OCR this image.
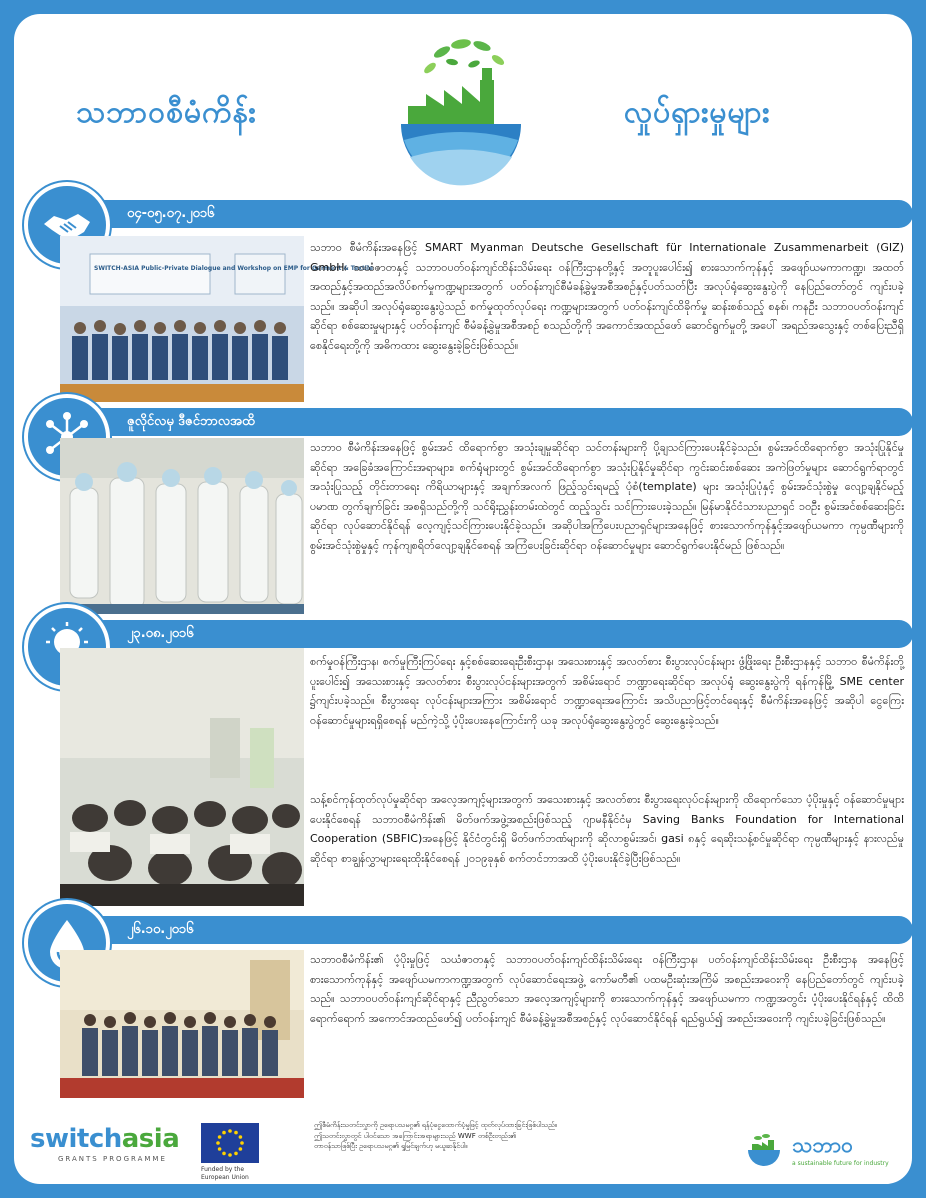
သဘာဝစီမံကိန်း	လှုပ်ရှားမှုများ
၀၄-၀၅.၀၇.၂၀၁၆
SWITCH-ASIA Public-Private Dialogue and Workshop on EMP for Garment & Textile

သဘာဝ စီမံကိန်းအနေဖြင့် SMART Myanmar၊ Deutsche Gesellschaft für Internationale Zusammenarbeit (GIZ) GmbH၊ သယံဇာတနှင့် သဘာဝပတ်ဝန်းကျင်ထိန်းသိမ်းရေး ဝန်ကြီးဌာနတို့နှင့် အတူပူးပေါင်း၍ စားသောက်ကုန်နှင့် အဖျော်ယမကာကဏ္ဍ၊ အထတ်အထည်နှင့်အထည်အလိပ်စက်မှုကဏ္ဍများအတွက် ပတ်ဝန်းကျင်စီမံခန့်ခွဲမှုအစီအစဉ်နှင့်ပတ်သတ်ပြီး အလုပ်ရုံဆွေးနွေးပွဲကို နေပြည်တော်တွင် ကျင်းပခဲ့သည်။ အဆိုပါ အလုပ်ရုံဆွေးနွေးပွဲသည် စက်မှုထုတ်လုပ်ရေး ကဏ္ဍများအတွက် ပတ်ဝန်းကျင်ထိခိုက်မှု ဆန်းစစ်သည့် စနစ်၊ ကနဦး သဘာဝပတ်ဝန်းကျင်ဆိုင်ရာ စစ်ဆေးမှုများနှင့် ပတ်ဝန်းကျင် စီမံခန့်ခွဲမှုအစီအစဉ် စသည်တို့ကို အကောင်အထည်ဖော် ဆောင်ရွက်မှုတို့ အပေါ် အရည်အသွေးနှင့် တစ်ပြေးညီရှိစေနိုင်ရေးတို့ကို အဓိကထား ဆွေးနွေးခဲ့ခြင်းဖြစ်သည်။

ဇူလိုင်လမှ ဒီဇင်ဘာလအထိ

သဘာဝ စီမံကိန်းအနေဖြင့် စွမ်းအင် ထိရောက်စွာ အသုံးချမှုဆိုင်ရာ သင်တန်းများကို ပို့ချသင်ကြားပေးနိုင်ခဲ့သည်။ စွမ်းအင်ထိရောက်စွာ အသုံးပြုနိုင်မှုဆိုင်ရာ အခြေခံအကြောင်းအရာများ၊ စက်ရုံများတွင် စွမ်းအင်ထိရောက်စွာ အသုံးပြုနိုင်မှုဆိုင်ရာ ကွင်းဆင်းစစ်ဆေး အကဲဖြတ်မှုများ ဆောင်ရွက်ရာတွင် အသုံးပြုသည့် တိုင်းတာရေး ကိရိယာများနှင့် အချက်အလက် ဖြည့်သွင်းရမည့် ပုံစံ(template) များ အသုံးပြုပုံနှင့် စွမ်းအင်သုံးစွဲမှု လျော့ချနိုင်မည့်ပမာဏ တွက်ချက်ခြင်း အစရှိသည်တို့ကို သင်ရိုးညွှန်းတမ်းထဲတွင် ထည့်သွင်း သင်ကြားပေးခဲ့သည်။ မြန်မာနိုင်ငံသားပညာရှင် ၁၀ဦး စွမ်းအင်စစ်ဆေးခြင်းဆိုင်ရာ လုပ်ဆောင်နိုင်ရန် လေ့ကျင့်သင်ကြားပေးနိုင်ခဲ့သည်။ အဆိုပါအကြံပေးပညာရှင်များအနေဖြင့် စားသောက်ကုန်နှင့်အဖျော်ယမကာ ကုမ္ပဏီများကို စွမ်းအင်သုံးစွဲမှုနှင့် ကုန်ကျစရိတ်လျော့ချနိုင်စေရန် အကြံပေးခြင်းဆိုင်ရာ ဝန်ဆောင်မှုများ ဆောင်ရွက်ပေးနိုင်မည် ဖြစ်သည်။

၂၃.၀၈.၂၀၁၆

စက်မှုဝန်ကြီးဌာန၊ စက်မှုကြီးကြပ်ရေး နှင့်စစ်ဆေးရေးဦးစီးဌာန၊ အသေးစားနှင့် အလတ်စား စီးပွားလုပ်ငန်းများ ဖွံ့ဖြိုးရေး ဦးစီးဌာနနှင့် သဘာဝ စီမံကိန်းတို့ ပူးပေါင်း၍ အသေးစားနှင့် အလတ်စား စီးပွားလုပ်ငန်းများအတွက် အစိမ်းရောင် ဘဏ္ဍာရေးဆိုင်ရာ အလုပ်ရုံ ဆွေးနွေးပွဲကို ရန်ကုန်မြို့ SME center ၌ကျင်းပခဲ့သည်။ စီးပွားရေး လုပ်ငန်းများအကြား အစိမ်းရောင် ဘဏ္ဍာရေးအကြောင်း အသိပညာဖြင့်တင်ရေးနှင့် စီမံကိန်းအနေဖြင့် အဆိုပါ ငွေကြေးဝန်ဆောင်မှုများရရှိစေရန် မည်ကဲ့သို့ ပံ့ပိုးပေးနေကြောင်းကို ယခု အလုပ်ရုံဆွေးနွေးပွဲတွင် ဆွေးနွေးခဲ့သည်။

သန့်စင်ကုန်ထုတ်လုပ်မှုဆိုင်ရာ အလေ့အကျင့်များအတွက် အသေးစားနှင့် အလတ်စား စီးပွားရေးလုပ်ငန်းများကို ထိရောက်သော ပံ့ပိုးမှုနှင့် ဝန်ဆောင်မှုများပေးနိုင်စေရန် သဘာဝစီမံကိန်း၏ မိတ်ဖက်အဖွဲ့အစည်းဖြစ်သည့် ဂျာမနီနိုင်ငံမှ Saving Banks Foundation for International Cooperation (SBFIC)အနေဖြင့် နိုင်ငံတွင်းရှိ မိတ်ဖက်ဘဏ်များကို ဆိုလာစွမ်းအင်၊ gasi ၈နှင့် ရေဆိုးသန့်စင်မှုဆိုင်ရာ ကုမ္ပဏီများနှင့် နားလည်မှုဆိုင်ရာ စာချွန်လွှာများရေးထိုးနိုင်စေရန် ၂၀၁၉ခုနှစ် စက်တင်ဘာအထိ ပံ့ပိုးပေးနိုင်ခဲ့ပြီးဖြစ်သည်။

၂၆.၁၀.၂၀၁၆

သဘာဝစီမံကိန်း၏ ပံ့ပိုးမှုဖြင့် သယံဇာတနှင့် သဘာဝပတ်ဝန်းကျင်ထိန်းသိမ်းရေး ဝန်ကြီးဌာန၊ ပတ်ဝန်းကျင်ထိန်းသိမ်းရေး ဦးစီးဌာန အနေဖြင့် စားသောက်ကုန်နှင့် အဖျော်ယမကာကဏ္ဍအတွက် လုပ်ဆောင်ရေးအဖွဲ့ ကော်မတီ၏ ပထမဦးဆုံးအကြိမ် အစည်းအဝေးကို နေပြည်တော်တွင် ကျင်းပခဲ့သည်။ သဘာဝပတ်ဝန်းကျင်ဆိုင်ရာနှင့် ညီညွတ်သော အလေ့အကျင့်များကို စားသောက်ကုန်နှင့် အဖျော်ယမကာ ကဏ္ဍအတွင်း ပံ့ပိုးပေးနိုင်ရန်နှင့် ထိထိရောက်ရောက် အကောင်အထည်ဖော်၍ ပတ်ဝန်းကျင် စီမံခန့်ခွဲမှုအစီအစဉ်နှင့် လုပ်ဆောင်နိုင်ရန် ရည်ရွယ်၍ အစည်းအဝေးကို ကျင်းပခဲ့ခြင်းဖြစ်သည်။

switchasia
GRANTS PROGRAMME
Funded by the European Union
ဤစီမံကိန်းသတင်းလွှာကို ဥရောပသမဂ္ဂ၏ ရန်ပုံငွေထောက်ပံ့မှုဖြင့် ထုတ်လုပ်ထားခြင်းဖြစ်ပါသည်။
ဤသတင်းလွှာတွင် ပါဝင်သော အကြောင်းအရာများသည် WWF တစ်ဦးတည်း၏
တာဝန်သာဖြစ်ပြီး ဥရောပသမဂ္ဂ၏ ရှုမြင်ချက်ဟု မယူဆနိုင်ပါ။	သဘာဝ
a sustainable future for industry
